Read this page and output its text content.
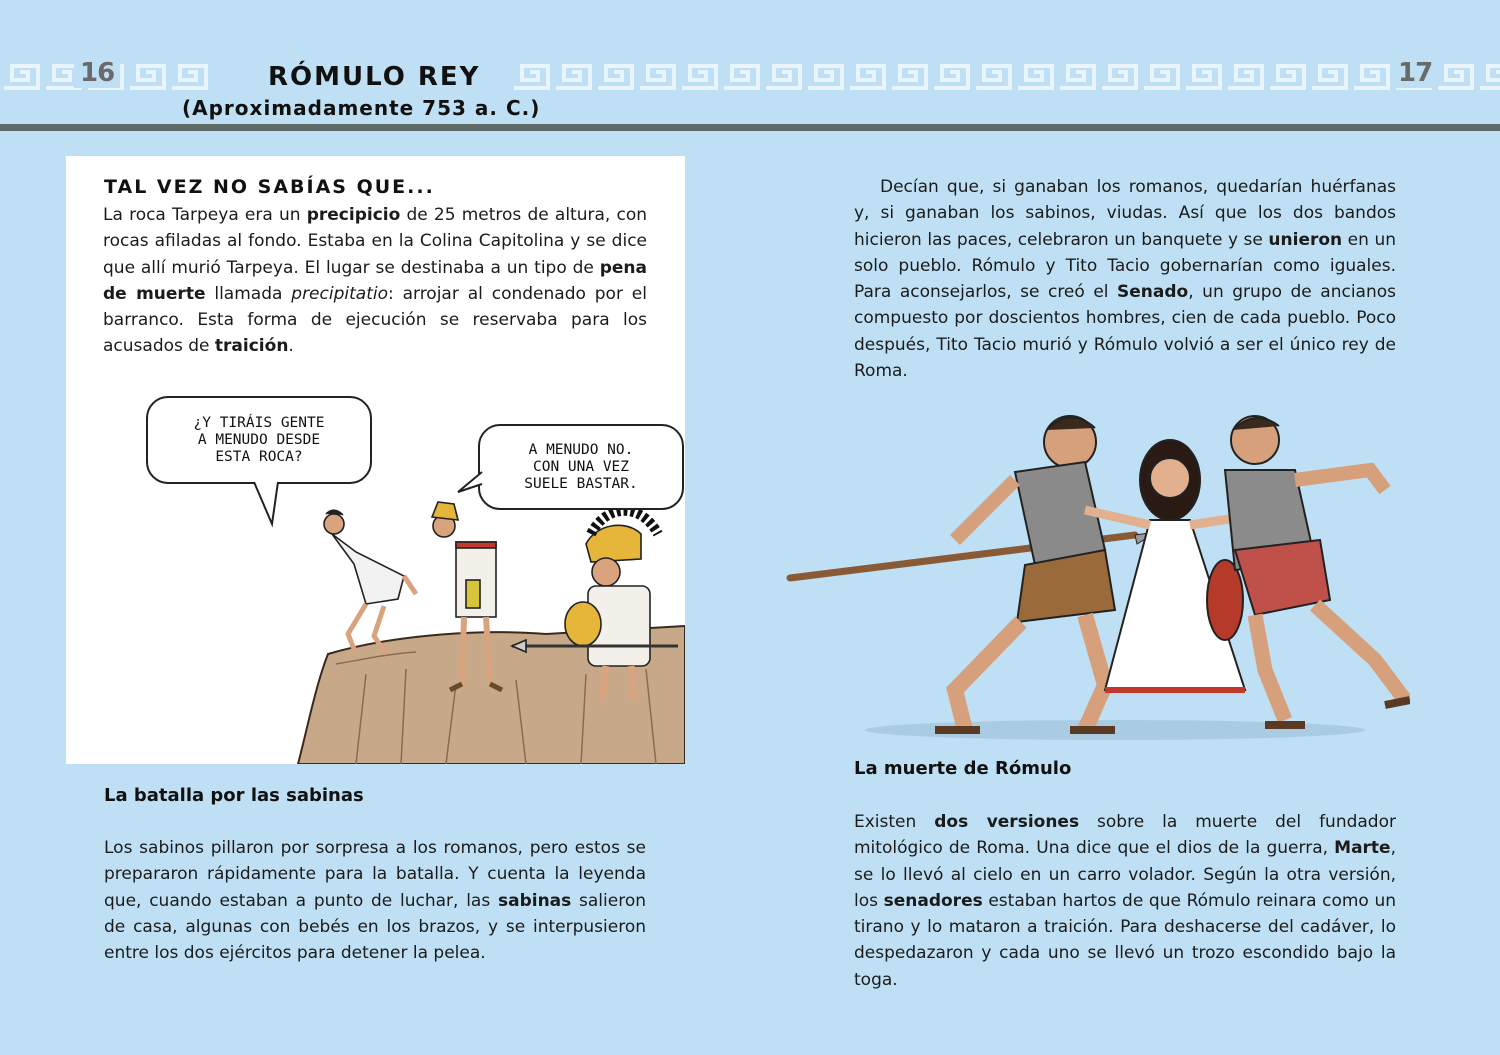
16	17
RÓMULO REY
(Aproximadamente 753 a. C.)
TAL VEZ NO SABÍAS QUE...
La roca Tarpeya era un precipicio de 25 metros de altura, con rocas afiladas al fondo. Estaba en la Colina Capitolina y se dice que allí murió Tarpeya. El lugar se destinaba a un tipo de pena de muerte llamada precipitatio: arrojar al condenado por el barranco. Esta forma de ejecución se reservaba para los acusados de traición.
¿Y TIRÁIS GENTE
A MENUDO DESDE
ESTA ROCA?	A MENUDO NO.
CON UNA VEZ
SUELE BASTAR.
La batalla por las sabinas
Los sabinos pillaron por sorpresa a los romanos, pero estos se prepararon rápidamente para la batalla. Y cuenta la leyenda que, cuando estaban a punto de luchar, las sabinas salieron de casa, algunas con bebés en los brazos, y se interpusieron entre los dos ejércitos para detener la pelea.
Decían que, si ganaban los romanos, quedarían huérfanas y, si ganaban los sabinos, viudas. Así que los dos bandos hicieron las paces, celebraron un banquete y se unieron en un solo pueblo. Rómulo y Tito Tacio gobernarían como iguales. Para aconsejarlos, se creó el Senado, un grupo de ancianos compuesto por doscientos hombres, cien de cada pueblo. Poco después, Tito Tacio murió y Rómulo volvió a ser el único rey de Roma.
La muerte de Rómulo
Existen dos versiones sobre la muerte del fundador mitológico de Roma. Una dice que el dios de la guerra, Marte, se lo llevó al cielo en un carro volador. Según la otra versión, los senadores estaban hartos de que Rómulo reinara como un tirano y lo mataron a traición. Para deshacerse del cadáver, lo despedazaron y cada uno se llevó un trozo escondido bajo la toga.
